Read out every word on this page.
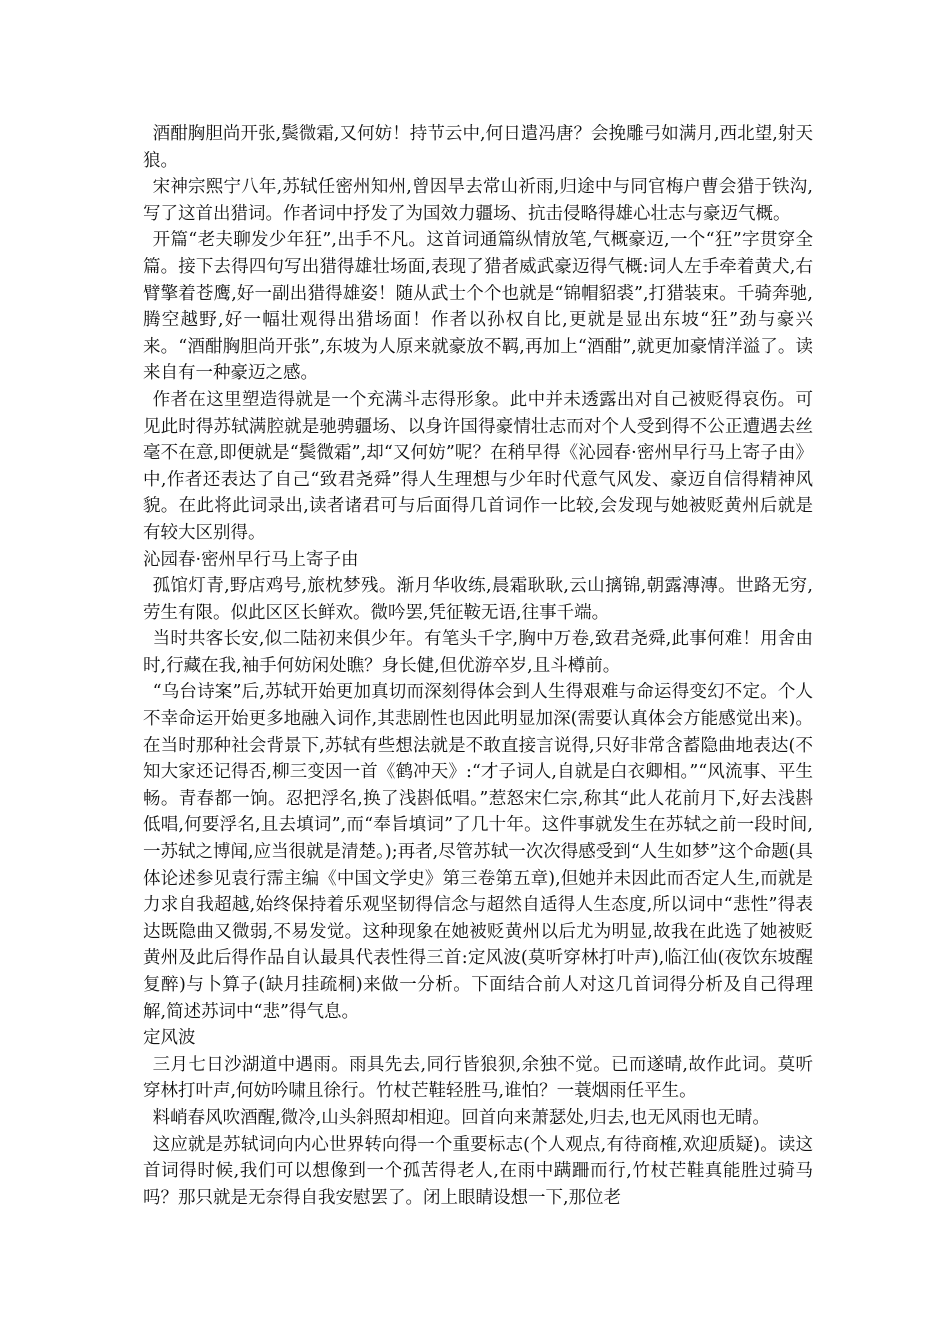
酒酣胸胆尚开张,鬓微霜,又何妨！持节云中,何日遣冯唐？会挽雕弓如满月,西北望,射天狼。

宋神宗熙宁八年,苏轼任密州知州,曾因旱去常山祈雨,归途中与同官梅户曹会猎于铁沟,写了这首出猎词。作者词中抒发了为国效力疆场、抗击侵略得雄心壮志与豪迈气概。

开篇“老夫聊发少年狂”,出手不凡。这首词通篇纵情放笔,气概豪迈,一个“狂”字贯穿全篇。接下去得四句写出猎得雄壮场面,表现了猎者威武豪迈得气概:词人左手牵着黄犬,右臂擎着苍鹰,好一副出猎得雄姿！随从武士个个也就是“锦帽貂裘”,打猎装束。千骑奔驰,腾空越野,好一幅壮观得出猎场面！作者以孙权自比,更就是显出东坡“狂”劲与豪兴来。“酒酣胸胆尚开张”,东坡为人原来就豪放不羁,再加上“酒酣”,就更加豪情洋溢了。读来自有一种豪迈之感。

作者在这里塑造得就是一个充满斗志得形象。此中并未透露出对自己被贬得哀伤。可见此时得苏轼满腔就是驰骋疆场、以身许国得豪情壮志而对个人受到得不公正遭遇去丝毫不在意,即便就是“鬓微霜”,却“又何妨”呢？在稍早得《沁园春·密州早行马上寄子由》中,作者还表达了自己“致君尧舜”得人生理想与少年时代意气风发、豪迈自信得精神风貌。在此将此词录出,读者诸君可与后面得几首词作一比较,会发现与她被贬黄州后就是有较大区别得。

沁园春·密州早行马上寄子由

孤馆灯青,野店鸡号,旅枕梦残。渐月华收练,晨霜耿耿,云山摛锦,朝露漙漙。世路无穷,劳生有限。似此区区长鲜欢。微吟罢,凭征鞍无语,往事千端。

当时共客长安,似二陆初来俱少年。有笔头千字,胸中万卷,致君尧舜,此事何难！用舍由时,行藏在我,袖手何妨闲处瞧？身长健,但优游卒岁,且斗樽前。

“乌台诗案”后,苏轼开始更加真切而深刻得体会到人生得艰难与命运得变幻不定。个人不幸命运开始更多地融入词作,其悲剧性也因此明显加深(需要认真体会方能感觉出来)。在当时那种社会背景下,苏轼有些想法就是不敢直接言说得,只好非常含蓄隐曲地表达(不知大家还记得否,柳三变因一首《鹤冲天》:“才子词人,自就是白衣卿相。”“风流事、平生畅。青春都一饷。忍把浮名,换了浅斟低唱。”惹怒宋仁宗,称其“此人花前月下,好去浅斟低唱,何要浮名,且去填词”,而“奉旨填词”了几十年。这件事就发生在苏轼之前一段时间,一苏轼之博闻,应当很就是清楚。);再者,尽管苏轼一次次得感受到“人生如梦”这个命题(具体论述参见袁行霈主编《中国文学史》第三卷第五章),但她并未因此而否定人生,而就是力求自我超越,始终保持着乐观坚韧得信念与超然自适得人生态度,所以词中“悲性”得表达既隐曲又微弱,不易发觉。这种现象在她被贬黄州以后尤为明显,故我在此选了她被贬黄州及此后得作品自认最具代表性得三首:定风波(莫听穿林打叶声),临江仙(夜饮东坡醒复醉)与卜算子(缺月挂疏桐)来做一分析。下面结合前人对这几首词得分析及自己得理解,简述苏词中“悲”得气息。

定风波

三月七日沙湖道中遇雨。雨具先去,同行皆狼狈,余独不觉。已而遂晴,故作此词。莫听穿林打叶声,何妨吟啸且徐行。竹杖芒鞋轻胜马,谁怕？一蓑烟雨任平生。

料峭春风吹酒醒,微冷,山头斜照却相迎。回首向来萧瑟处,归去,也无风雨也无晴。

这应就是苏轼词向内心世界转向得一个重要标志(个人观点,有待商榷,欢迎质疑)。读这首词得时候,我们可以想像到一个孤苦得老人,在雨中蹒跚而行,竹杖芒鞋真能胜过骑马吗？那只就是无奈得自我安慰罢了。闭上眼睛设想一下,那位老
